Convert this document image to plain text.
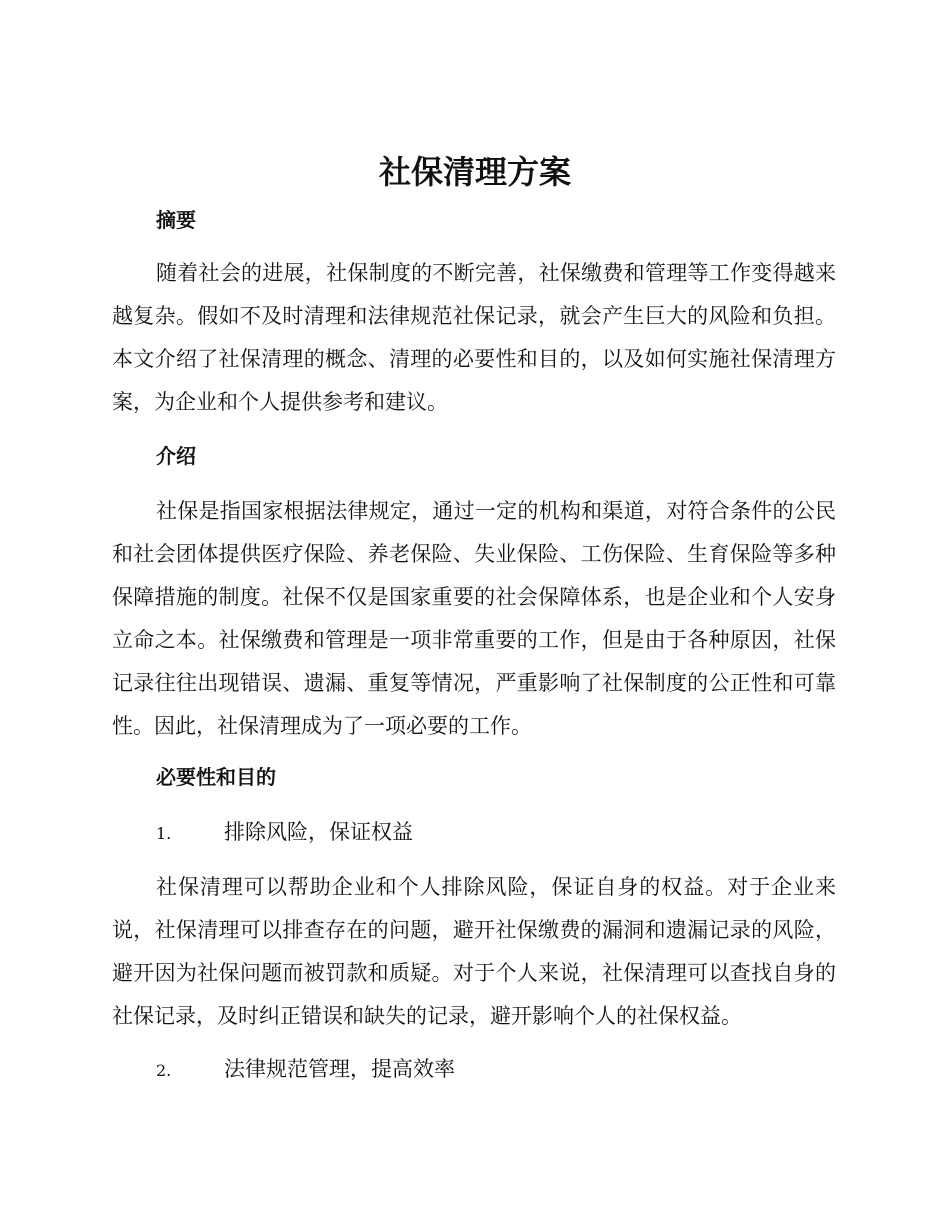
社保清理方案
摘要

随着社会的进展，社保制度的不断完善，社保缴费和管理等工作变得越来越复杂。假如不及时清理和法律规范社保记录，就会产生巨大的风险和负担。本文介绍了社保清理的概念、清理的必要性和目的，以及如何实施社保清理方案，为企业和个人提供参考和建议。

介绍

社保是指国家根据法律规定，通过一定的机构和渠道，对符合条件的公民和社会团体提供医疗保险、养老保险、失业保险、工伤保险、生育保险等多种保障措施的制度。社保不仅是国家重要的社会保障体系，也是企业和个人安身立命之本。社保缴费和管理是一项非常重要的工作，但是由于各种原因，社保记录往往出现错误、遗漏、重复等情况，严重影响了社保制度的公正性和可靠性。因此，社保清理成为了一项必要的工作。

必要性和目的
1.	排除风险，保证权益

社保清理可以帮助企业和个人排除风险，保证自身的权益。对于企业来说，社保清理可以排查存在的问题，避开社保缴费的漏洞和遗漏记录的风险，避开因为社保问题而被罚款和质疑。对于个人来说，社保清理可以查找自身的社保记录，及时纠正错误和缺失的记录，避开影响个人的社保权益。

2.	法律规范管理，提高效率
